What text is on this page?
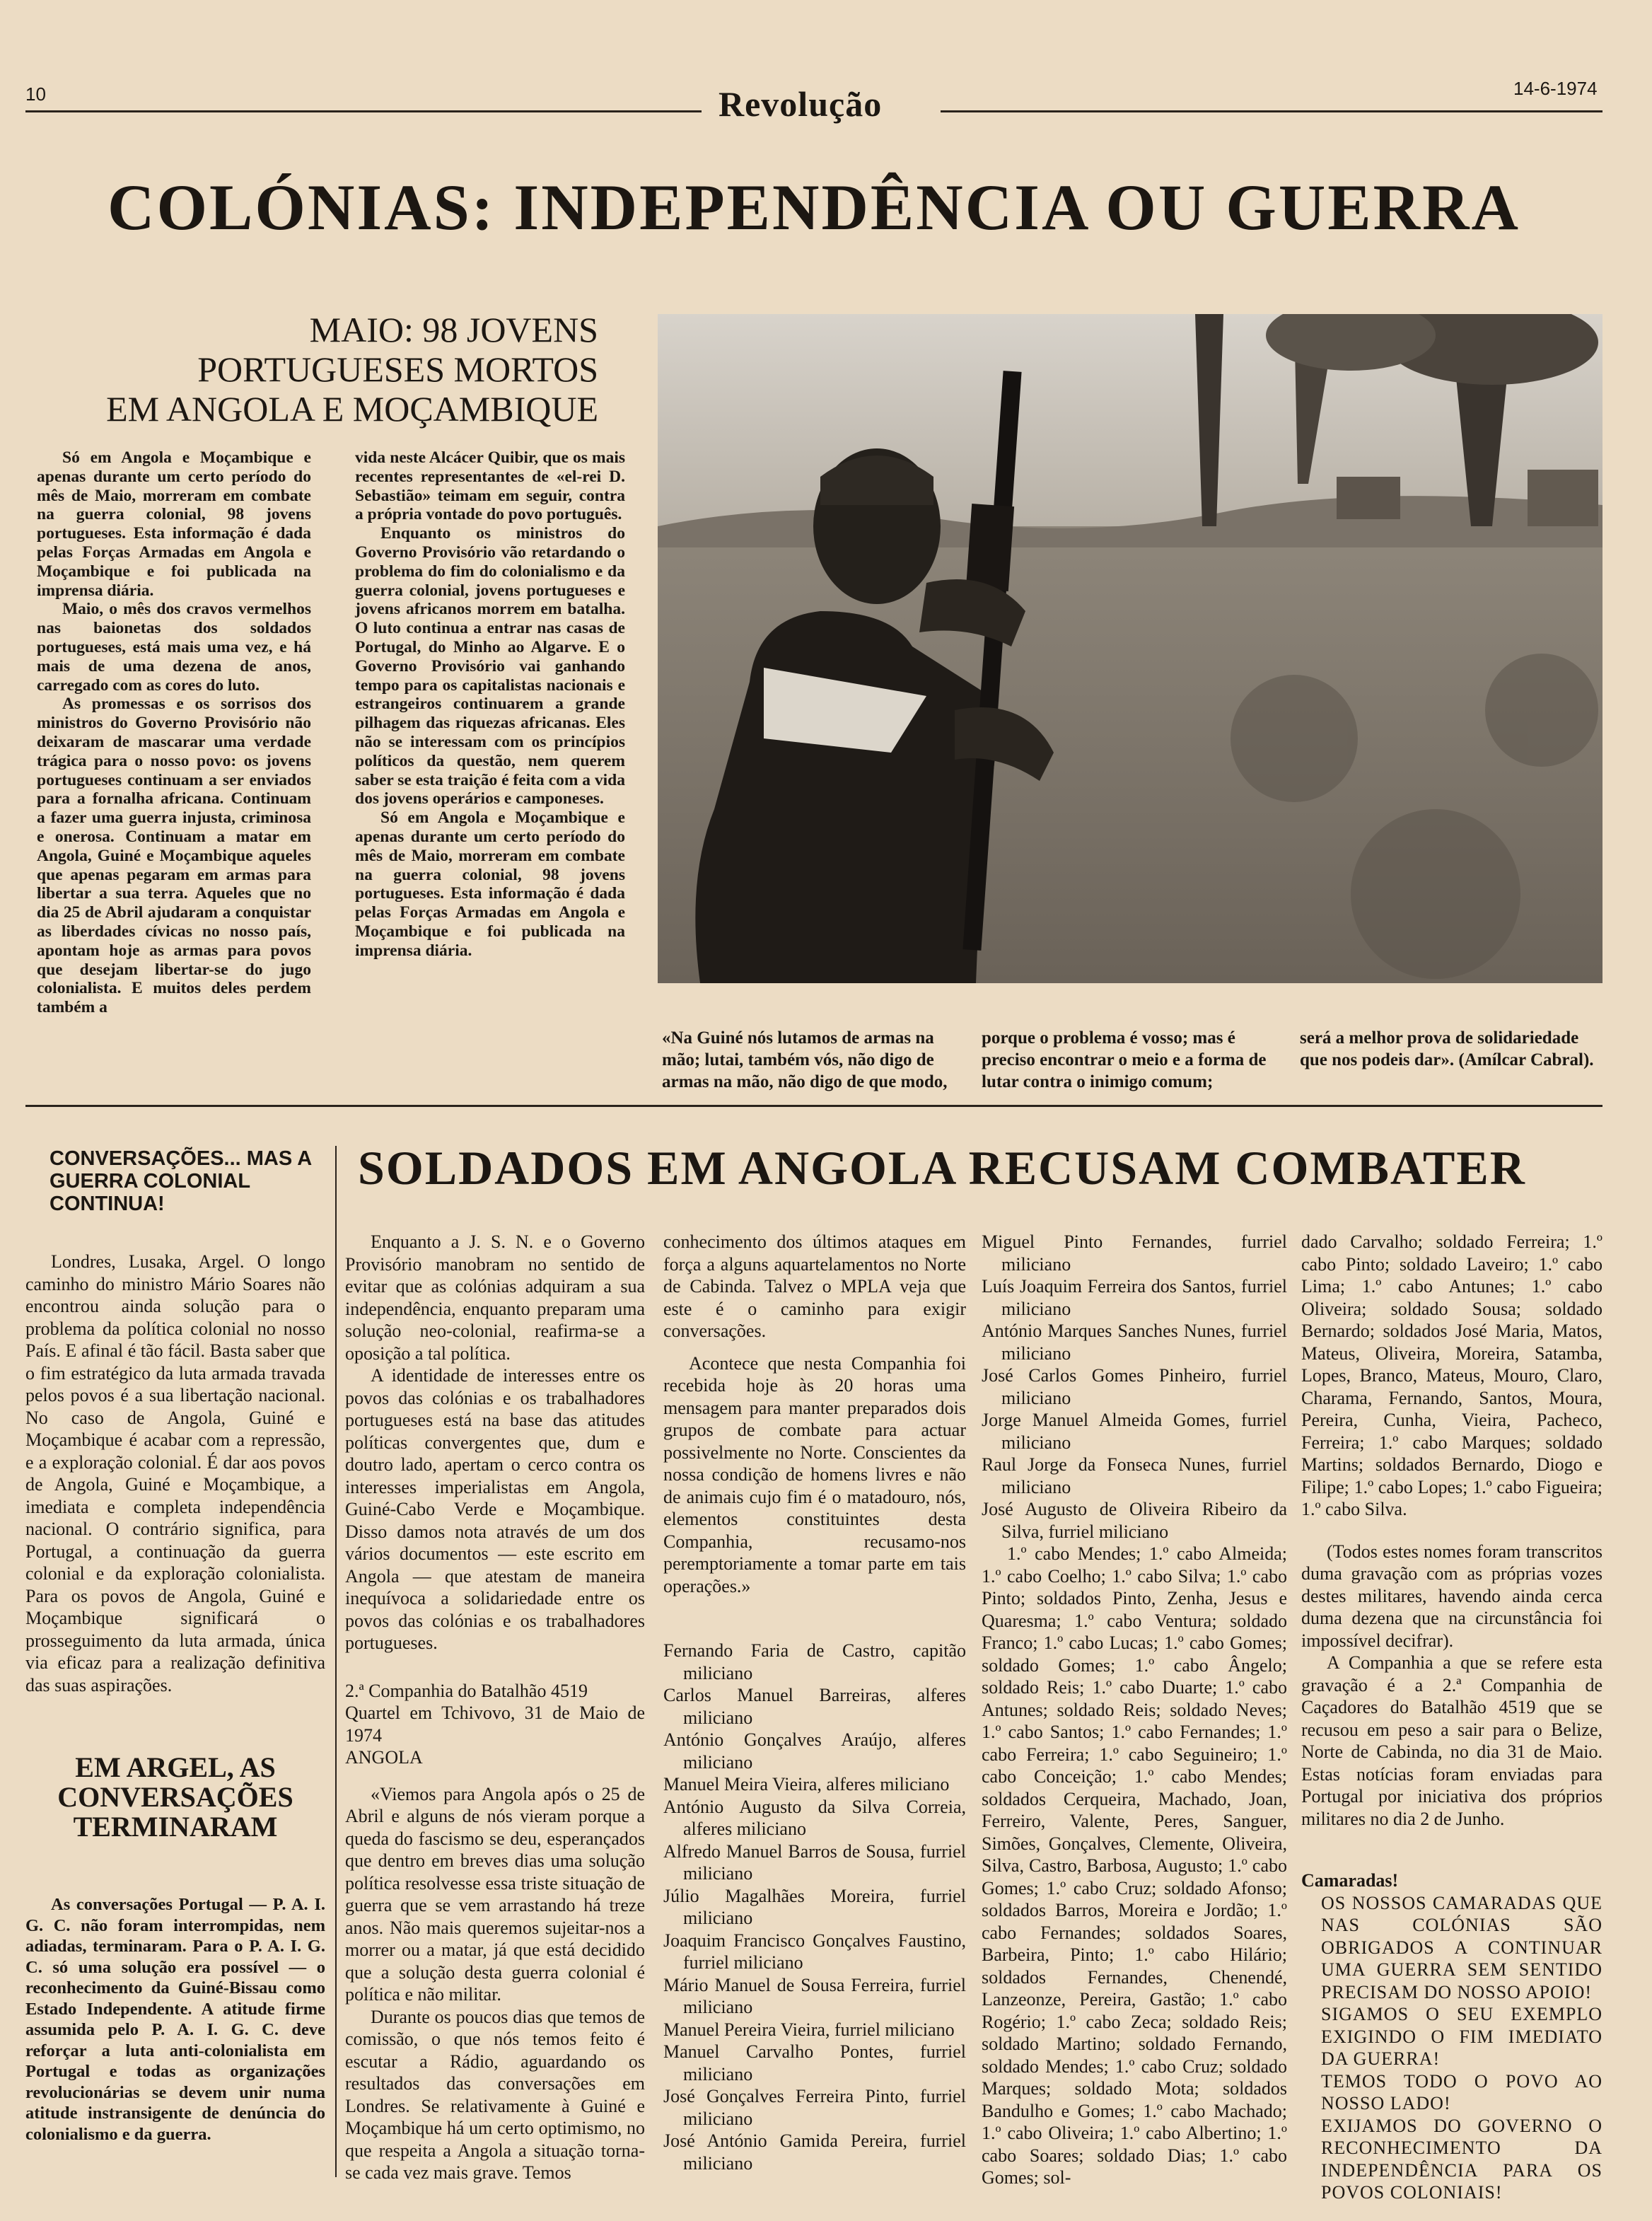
10	Revolução	14-6-1974
COLÓNIAS: INDEPENDÊNCIA OU GUERRA
MAIO: 98 JOVENS
PORTUGUESES MORTOS
EM ANGOLA E MOÇAMBIQUE

Só em Angola e Moçambique e apenas durante um certo período do mês de Maio, morreram em combate na guerra colonial, 98 jovens portugueses. Esta informação é dada pelas Forças Armadas em Angola e Moçambique e foi publicada na imprensa diária.

Maio, o mês dos cravos vermelhos nas baionetas dos soldados portugueses, está mais uma vez, e há mais de uma dezena de anos, carregado com as cores do luto.

As promessas e os sorrisos dos ministros do Governo Provisório não deixaram de mascarar uma verdade trágica para o nosso povo: os jovens portugueses continuam a ser enviados para a fornalha africana. Continuam a fazer uma guerra injusta, criminosa e onerosa. Continuam a matar em Angola, Guiné e Moçambique aqueles que apenas pegaram em armas para libertar a sua terra. Aqueles que no dia 25 de Abril ajudaram a conquistar as liberdades cívicas no nosso país, apontam hoje as armas para povos que desejam libertar-se do jugo colonialista. E muitos deles perdem também a

vida neste Alcácer Quibir, que os mais recentes representantes de «el-rei D. Sebastião» teimam em seguir, contra a própria vontade do povo português.

Enquanto os ministros do Governo Provisório vão retardando o problema do fim do colonialismo e da guerra colonial, jovens portugueses e jovens africanos morrem em batalha. O luto continua a entrar nas casas de Portugal, do Minho ao Algarve. E o Governo Provisório vai ganhando tempo para os capitalistas nacionais e estrangeiros continuarem a grande pilhagem das riquezas africanas. Eles não se interessam com os princípios políticos da questão, nem querem saber se esta traição é feita com a vida dos jovens operários e camponeses.

Só em Angola e Moçambique e apenas durante um certo período do mês de Maio, morreram em combate na guerra colonial, 98 jovens portugueses. Esta informação é dada pelas Forças Armadas em Angola e Moçambique e foi publicada na imprensa diária.

«Na Guiné nós lutamos de armas na mão; lutai, também vós, não digo de armas na mão, não digo de que modo,
porque o problema é vosso; mas é preciso encontrar o meio e a forma de lutar contra o inimigo comum;
será a melhor prova de solidariedade que nos podeis dar». (Amílcar Cabral).
CONVERSAÇÕES... MAS A GUERRA COLONIAL CONTINUA!

Londres, Lusaka, Argel. O longo caminho do ministro Mário Soares não encontrou ainda solução para o problema da política colonial no nosso País. E afinal é tão fácil. Basta saber que o fim estratégico da luta armada travada pelos povos é a sua libertação nacional. No caso de Angola, Guiné e Moçambique é acabar com a repressão, e a exploração colonial. É dar aos povos de Angola, Guiné e Moçambique, a imediata e completa independência nacional. O contrário significa, para Portugal, a continuação da guerra colonial e da exploração colonialista. Para os povos de Angola, Guiné e Moçambique significará o prosseguimento da luta armada, única via eficaz para a realização definitiva das suas aspirações.

EM ARGEL, AS CONVERSAÇÕES TERMINARAM

As conversações Portugal — P. A. I. G. C. não foram interrompidas, nem adiadas, terminaram. Para o P. A. I. G. C. só uma solução era possível — o reconhecimento da Guiné-Bissau como Estado Independente. A atitude firme assumida pelo P. A. I. G. C. deve reforçar a luta anti-colonialista em Portugal e todas as organizações revolucionárias se devem unir numa atitude instransigente de denúncia do colonialismo e da guerra.

SOLDADOS EM ANGOLA RECUSAM COMBATER

Enquanto a J. S. N. e o Governo Provisório manobram no sentido de evitar que as colónias adquiram a sua independência, enquanto preparam uma solução neo-colonial, reafirma-se a oposição a tal política.

A identidade de interesses entre os povos das colónias e os trabalhadores portugueses está na base das atitudes políticas convergentes que, dum e doutro lado, apertam o cerco contra os interesses imperialistas em Angola, Guiné-Cabo Verde e Moçambique. Disso damos nota através de um dos vários documentos — este escrito em Angola — que atestam de maneira inequívoca a solidariedade entre os povos das colónias e os trabalhadores portugueses.

2.ª Companhia do Batalhão 4519
Quartel em Tchivovo, 31 de Maio de 1974
ANGOLA

«Viemos para Angola após o 25 de Abril e alguns de nós vieram porque a queda do fascismo se deu, esperançados que dentro em breves dias uma solução política resolvesse essa triste situação de guerra que se vem arrastando há treze anos. Não mais queremos sujeitar-nos a morrer ou a matar, já que está decidido que a solução desta guerra colonial é política e não militar.

Durante os poucos dias que temos de comissão, o que nós temos feito é escutar a Rádio, aguardando os resultados das conversações em Londres. Se relativamente à Guiné e Moçambique há um certo optimismo, no que respeita a Angola a situação torna-se cada vez mais grave. Temos

conhecimento dos últimos ataques em força a alguns aquartelamentos no Norte de Cabinda. Talvez o MPLA veja que este é o caminho para exigir conversações.

Acontece que nesta Companhia foi recebida hoje às 20 horas uma mensagem para manter preparados dois grupos de combate para actuar possivelmente no Norte. Conscientes da nossa condição de homens livres e não de animais cujo fim é o matadouro, nós, elementos constituintes desta Companhia, recusamo-nos peremptoriamente a tomar parte em tais operações.»

Fernando Faria de Castro, capitão miliciano

Carlos Manuel Barreiras, alferes miliciano

António Gonçalves Araújo, alferes miliciano

Manuel Meira Vieira, alferes miliciano

António Augusto da Silva Correia, alferes miliciano

Alfredo Manuel Barros de Sousa, furriel miliciano

Júlio Magalhães Moreira, furriel miliciano

Joaquim Francisco Gonçalves Faustino, furriel miliciano

Mário Manuel de Sousa Ferreira, furriel miliciano

Manuel Pereira Vieira, furriel miliciano

Manuel Carvalho Pontes, furriel miliciano

José Gonçalves Ferreira Pinto, furriel miliciano

José António Gamida Pereira, furriel miliciano

Miguel Pinto Fernandes, furriel miliciano

Luís Joaquim Ferreira dos Santos, furriel miliciano

António Marques Sanches Nunes, furriel miliciano

José Carlos Gomes Pinheiro, furriel miliciano

Jorge Manuel Almeida Gomes, furriel miliciano

Raul Jorge da Fonseca Nunes, furriel miliciano

José Augusto de Oliveira Ribeiro da Silva, furriel miliciano

1.º cabo Mendes; 1.º cabo Almeida; 1.º cabo Coelho; 1.º cabo Silva; 1.º cabo Pinto; soldados Pinto, Zenha, Jesus e Quaresma; 1.º cabo Ventura; soldado Franco; 1.º cabo Lucas; 1.º cabo Gomes; soldado Gomes; 1.º cabo Ângelo; soldado Reis; 1.º cabo Duarte; 1.º cabo Antunes; soldado Reis; soldado Neves; 1.º cabo Santos; 1.º cabo Fernandes; 1.º cabo Ferreira; 1.º cabo Seguineiro; 1.º cabo Conceição; 1.º cabo Mendes; soldados Cerqueira, Machado, Joan, Ferreiro, Valente, Peres, Sanguer, Simões, Gonçalves, Clemente, Oliveira, Silva, Castro, Barbosa, Augusto; 1.º cabo Gomes; 1.º cabo Cruz; soldado Afonso; soldados Barros, Moreira e Jordão; 1.º cabo Fernandes; soldados Soares, Barbeira, Pinto; 1.º cabo Hilário; soldados Fernandes, Chenendé, Lanzeonze, Pereira, Gastão; 1.º cabo Rogério; 1.º cabo Zeca; soldado Reis; soldado Martino; soldado Fernando, soldado Mendes; 1.º cabo Cruz; soldado Marques; soldado Mota; soldados Bandulho e Gomes; 1.º cabo Machado; 1.º cabo Oliveira; 1.º cabo Albertino; 1.º cabo Soares; soldado Dias; 1.º cabo Gomes; sol-

dado Carvalho; soldado Ferreira; 1.º cabo Pinto; soldado Laveiro; 1.º cabo Lima; 1.º cabo Antunes; 1.º cabo Oliveira; soldado Sousa; soldado Bernardo; soldados José Maria, Matos, Mateus, Oliveira, Moreira, Satamba, Lopes, Branco, Mateus, Mouro, Claro, Charama, Fernando, Santos, Moura, Pereira, Cunha, Vieira, Pacheco, Ferreira; 1.º cabo Marques; soldado Martins; soldados Bernardo, Diogo e Filipe; 1.º cabo Lopes; 1.º cabo Figueira; 1.º cabo Silva.

(Todos estes nomes foram transcritos duma gravação com as próprias vozes destes militares, havendo ainda cerca duma dezena que na circunstância foi impossível decifrar).

A Companhia a que se refere esta gravação é a 2.ª Companhia de Caçadores do Batalhão 4519 que se recusou em peso a sair para o Belize, Norte de Cabinda, no dia 31 de Maio. Estas notícias foram enviadas para Portugal por iniciativa dos próprios militares no dia 2 de Junho.

Camaradas!

OS NOSSOS CAMARADAS QUE NAS COLÓNIAS SÃO OBRIGADOS A CONTINUAR UMA GUERRA SEM SENTIDO PRECISAM DO NOSSO APOIO!

SIGAMOS O SEU EXEMPLO EXIGINDO O FIM IMEDIATO DA GUERRA!

TEMOS TODO O POVO AO NOSSO LADO!

EXIJAMOS DO GOVERNO O RECONHECIMENTO DA INDEPENDÊNCIA PARA OS POVOS COLONIAIS!
